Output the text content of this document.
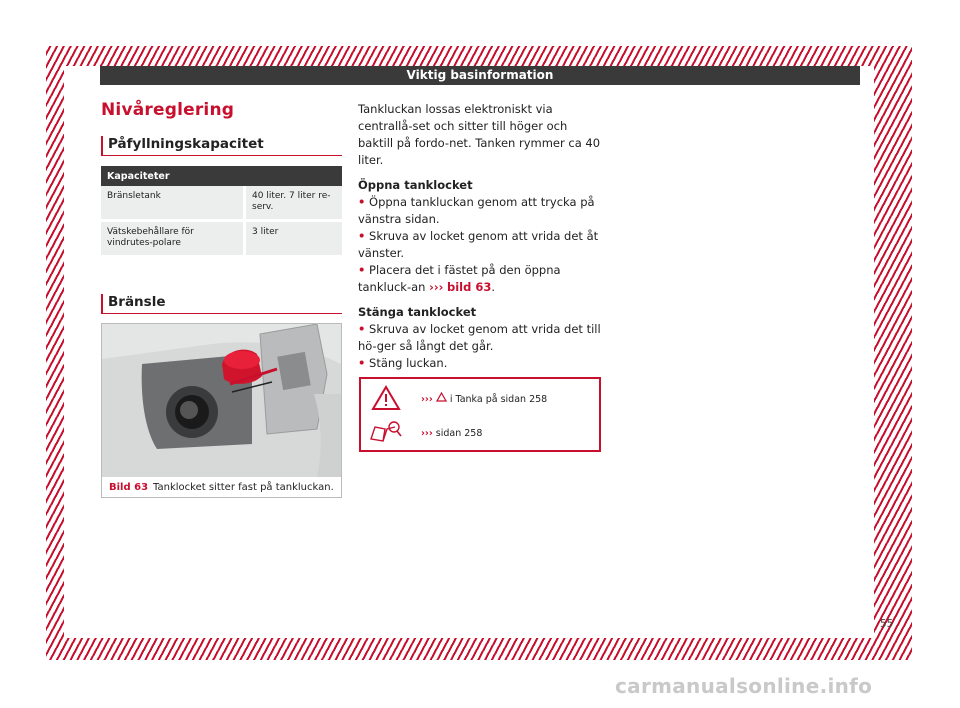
Viktig basinformation
Nivåreglering
Påfyllningskapacitet
Kapaciteter	
Bränsletank	40 liter. 7 liter re-serv.
Vätskebehållare för vindrutes-polare	3 liter
Bränsle
Bild 63 Tanklocket sitter fast på tankluckan.

Tankluckan lossas elektroniskt via centrallå-set och sitter till höger och baktill på fordo-net. Tanken rymmer ca 40 liter.

Öppna tanklocket

• Öppna tankluckan genom att trycka på vänstra sidan.

• Skruva av locket genom att vrida det åt vänster.

• Placera det i fästet på den öppna tankluck-an ››› bild 63.

Stänga tanklocket

• Skruva av locket genom att vrida det till hö-ger så långt det går.

• Stäng luckan.

››› i Tanka på sidan 258
››› sidan 258
55
carmanualsonline.info
